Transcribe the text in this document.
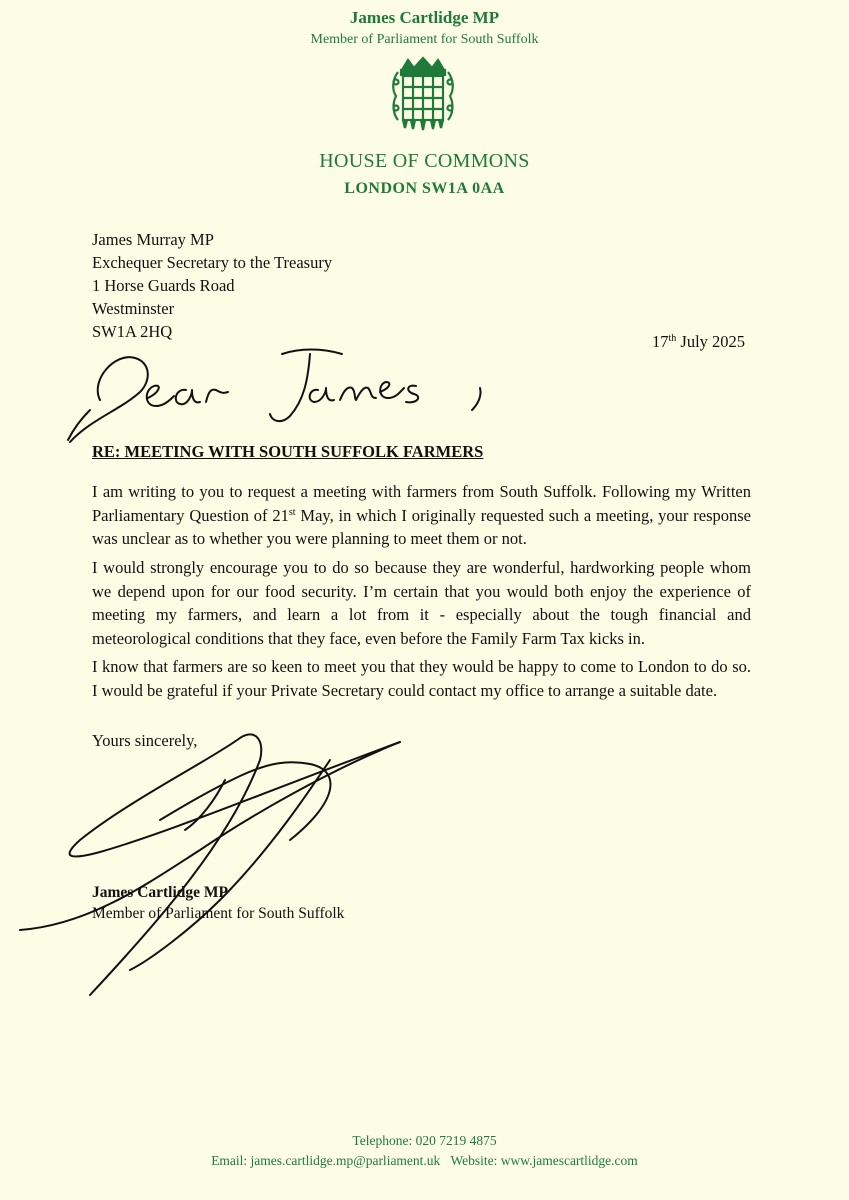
James Cartlidge MP
Member of Parliament for South Suffolk
HOUSE OF COMMONS
LONDON SW1A 0AA
James Murray MP
Exchequer Secretary to the Treasury
1 Horse Guards Road
Westminster
SW1A 2HQ
17th July 2025
RE: MEETING WITH SOUTH SUFFOLK FARMERS
I am writing to you to request a meeting with farmers from South Suffolk. Following my Written Parliamentary Question of 21st May, in which I originally requested such a meeting, your response was unclear as to whether you were planning to meet them or not.
I would strongly encourage you to do so because they are wonderful, hardworking people whom we depend upon for our food security. I’m certain that you would both enjoy the experience of meeting my farmers, and learn a lot from it - especially about the tough financial and meteorological conditions that they face, even before the Family Farm Tax kicks in.
I know that farmers are so keen to meet you that they would be happy to come to London to do so. I would be grateful if your Private Secretary could contact my office to arrange a suitable date.
Yours sincerely,
James Cartlidge MP
Member of Parliament for South Suffolk
Telephone: 020 7219 4875
Email: james.cartlidge.mp@parliament.uk Website: www.jamescartlidge.com
